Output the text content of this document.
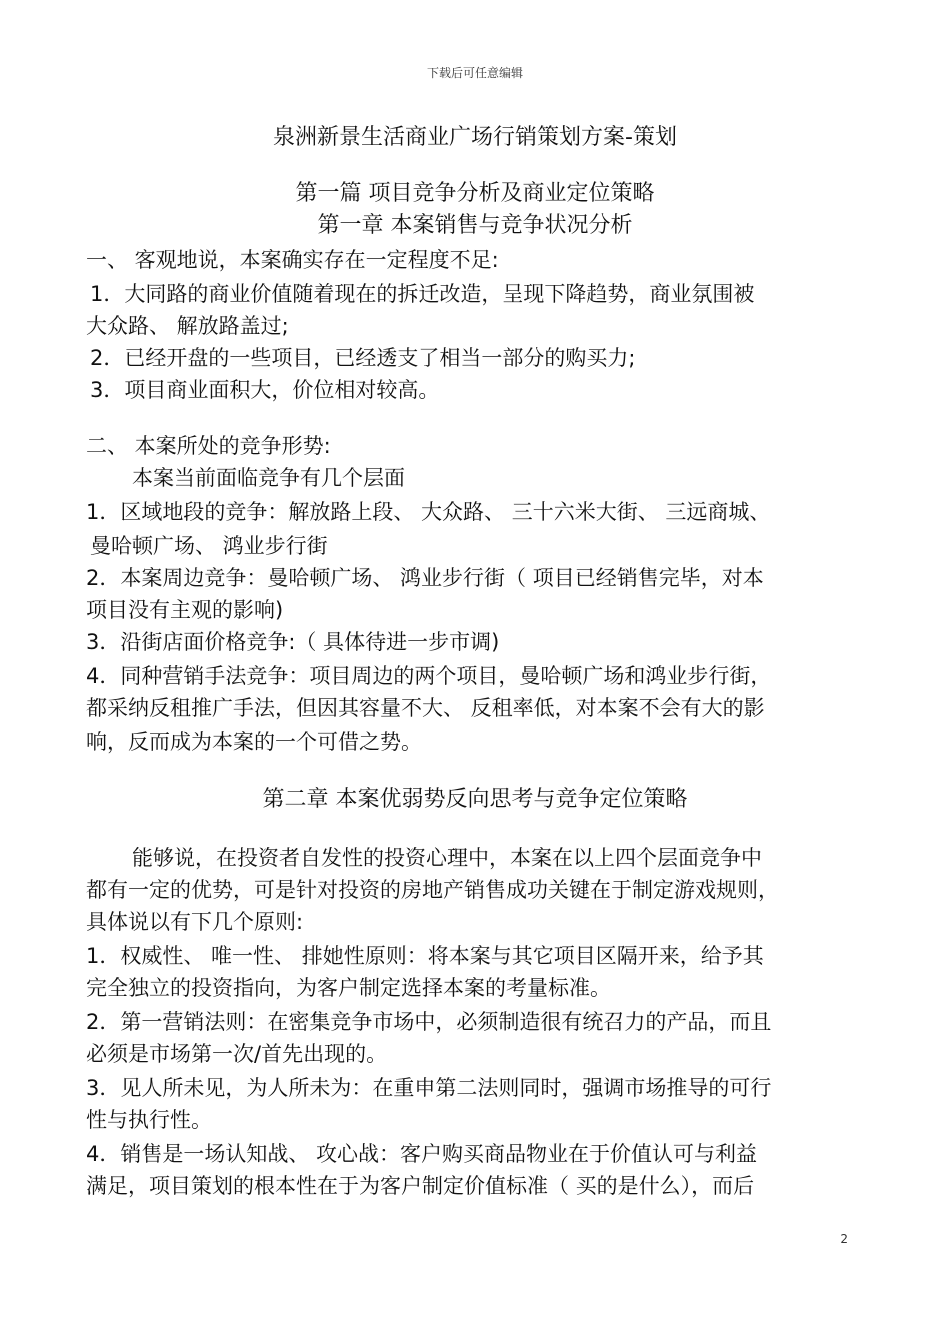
下载后可任意编辑
泉洲新景生活商业广场行销策划方案-策划
第一篇 项目竞争分析及商业定位策略
第一章 本案销售与竞争状况分析
一、 客观地说，本案确实存在一定程度不足:
1．大同路的商业价值随着现在的拆迁改造，呈现下降趋势，商业氛围被
大众路、 解放路盖过;
2．已经开盘的一些项目，已经透支了相当一部分的购买力;
3．项目商业面积大，价位相对较高。
二、 本案所处的竞争形势:
本案当前面临竞争有几个层面
1．区域地段的竞争：解放路上段、 大众路、 三十六米大街、 三远商城、
曼哈顿广场、 鸿业步行街
2．本案周边竞争：曼哈顿广场、 鸿业步行街（ 项目已经销售完毕，对本
项目没有主观的影响)
3．沿街店面价格竞争:（ 具体待进一步市调)
4．同种营销手法竞争：项目周边的两个项目，曼哈顿广场和鸿业步行街，
都采纳反租推广手法，但因其容量不大、 反租率低，对本案不会有大的影
响，反而成为本案的一个可借之势。
第二章 本案优弱势反向思考与竞争定位策略
能够说，在投资者自发性的投资心理中，本案在以上四个层面竞争中
都有一定的优势，可是针对投资的房地产销售成功关键在于制定游戏规则，
具体说以有下几个原则:
1．权威性、 唯一性、 排她性原则：将本案与其它项目区隔开来，给予其
完全独立的投资指向，为客户制定选择本案的考量标准。
2．第一营销法则：在密集竞争市场中，必须制造很有统召力的产品，而且
必须是市场第一次/首先出现的。
3．见人所未见，为人所未为：在重申第二法则同时，强调市场推导的可行
性与执行性。
4．销售是一场认知战、 攻心战：客户购买商品物业在于价值认可与利益
满足，项目策划的根本性在于为客户制定价值标准（ 买的是什么），而后
2
